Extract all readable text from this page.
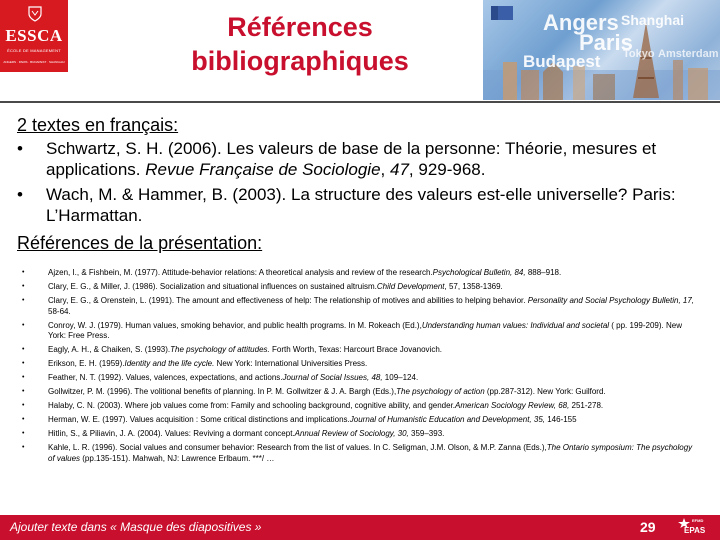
ESSCA
ÉCOLE DE MANAGEMENT
ANGERS · PARIS · BUDAPEST · SHANGHAI
Références
bibliographiques
Angers Shanghai
Paris
Budapest Tokyo Amsterdam
2 textes en français:
• Schwartz, S. H. (2006). Les valeurs de base de la personne: Théorie, mesures et applications. Revue Française de Sociologie, 47, 929-968.
• Wach, M. & Hammer, B. (2003). La structure des valeurs est-elle universelle? Paris: L’Harmattan.
Références de la présentation:
• Ajzen, I., & Fishbein, M. (1977). Attitude-behavior relations: A theoretical analysis and review of the research.Psychological Bulletin, 84, 888–918.
• Clary, E. G., & Miller, J. (1986). Socialization and situational influences on sustained altruism.Child Development, 57, 1358-1369.
• Clary, E. G., & Orenstein, L. (1991). The amount and effectiveness of help: The relationship of motives and abilities to helping behavior. Personality and Social Psychology Bulletin, 17, 58-64.
• Conroy, W. J. (1979). Human values, smoking behavior, and public health programs. In M. Rokeach (Ed.),Understanding human values: Individual and societal ( pp. 199-209). New York: Free Press.
• Eagly, A. H., & Chaiken, S. (1993).The psychology of attitudes. Forth Worth, Texas: Harcourt Brace Jovanovich.
• Erikson, E. H. (1959).Identity and the life cycle. New York: International Universities Press.
• Feather, N. T. (1992). Values, valences, expectations, and actions.Journal of Social Issues, 48, 109–124.
• Gollwitzer, P. M. (1996). The volitional benefits of planning. In P. M. Gollwitzer & J. A. Bargh (Eds.),The psychology of action (pp.287-312). New York: Guilford.
• Halaby, C. N. (2003). Where job values come from: Family and schooling background, cognitive ability, and gender.American Sociology Review, 68, 251-278.
• Herman, W. E. (1997). Values acquisition : Some critical distinctions and implications.Journal of Humanistic Education and Development, 35, 146-155
• Hitlin, S., & Piliavin, J. A. (2004). Values: Reviving a dormant concept.Annual Review of Sociology, 30, 359–393.
• Kahle, L. R. (1996). Social values and consumer behavior: Research from the list of values. In C. Seligman, J.M. Olson, & M.P. Zanna (Eds.),The Ontario symposium: The psychology of values (pp.135-151). Mahwah, NJ: Lawrence Erlbaum. ***/ …
Ajouter texte dans « Masque des diapositives »	29	EFMD
EPAS
